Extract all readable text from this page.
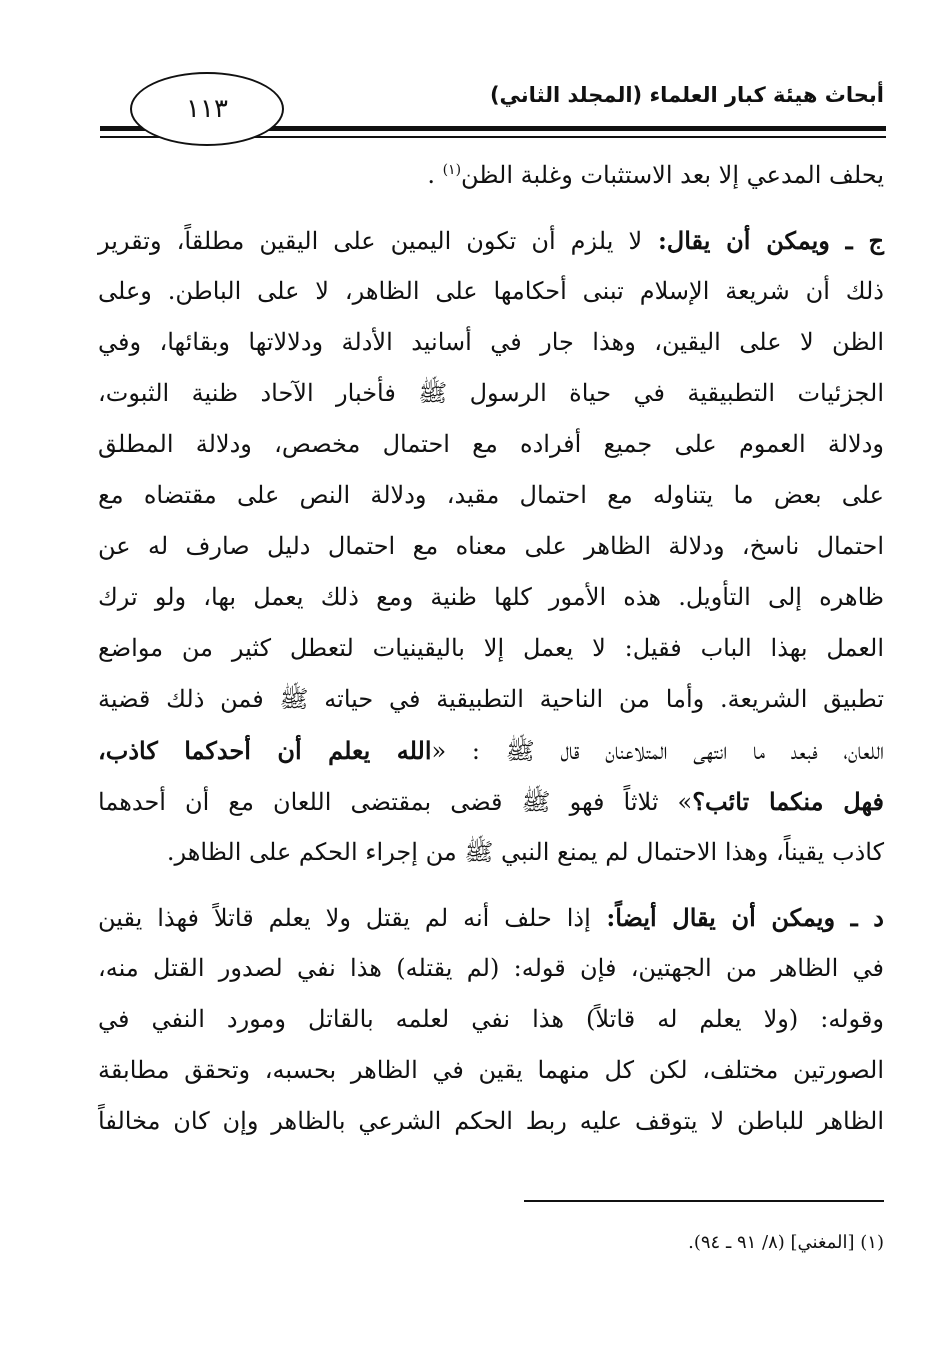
أبحاث هيئة كبار العلماء (المجلد الثاني)
١١٣
يحلف المدعي إلا بعد الاستثبات وغلبة الظن$^{(١)}$ .
ج ـ ويمكن أن يقال: لا يلزم أن تكون اليمين على اليقين مطلقاً، وتقرير
ذلك أن شريعة الإسلام تبنى أحكامها على الظاهر، لا على الباطن. وعلى
الظن لا على اليقين، وهذا جار في أسانيد الأدلة ودلالاتها وبقائها، وفي
الجزئيات التطبيقية في حياة الرسول ﷺ فأخبار الآحاد ظنية الثبوت،
ودلالة العموم على جميع أفراده مع احتمال مخصص، ودلالة المطلق
على بعض ما يتناوله مع احتمال مقيد، ودلالة النص على مقتضاه مع
احتمال ناسخ، ودلالة الظاهر على معناه مع احتمال دليل صارف له عن
ظاهره إلى التأويل. هذه الأمور كلها ظنية ومع ذلك يعمل بها، ولو ترك
العمل بهذا الباب فقيل: لا يعمل إلا باليقينيات لتعطل كثير من مواضع
تطبيق الشريعة. وأما من الناحية التطبيقية في حياته ﷺ فمن ذلك قضية
اللعان، فبعد ما انتهى المتلاعنان قال ﷺ : «الله يعلم أن أحدكما كاذب،
فهل منكما تائب؟» ثلاثاً فهو ﷺ قضى بمقتضى اللعان مع أن أحدهما
كاذب يقيناً، وهذا الاحتمال لم يمنع النبي ﷺ من إجراء الحكم على الظاهر.
د ـ ويمكن أن يقال أيضاً: إذا حلف أنه لم يقتل ولا يعلم قاتلاً فهذا يقين
في الظاهر من الجهتين، فإن قوله: (لم يقتله) هذا نفي لصدور القتل منه،
وقوله: (ولا يعلم له قاتلاً) هذا نفي لعلمه بالقاتل ومورد النفي في
الصورتين مختلف، لكن كل منهما يقين في الظاهر بحسبه، وتحقق مطابقة
الظاهر للباطن لا يتوقف عليه ربط الحكم الشرعي بالظاهر وإن كان مخالفاً
(١) [المغني] (٨/ ٩١ ـ ٩٤).
